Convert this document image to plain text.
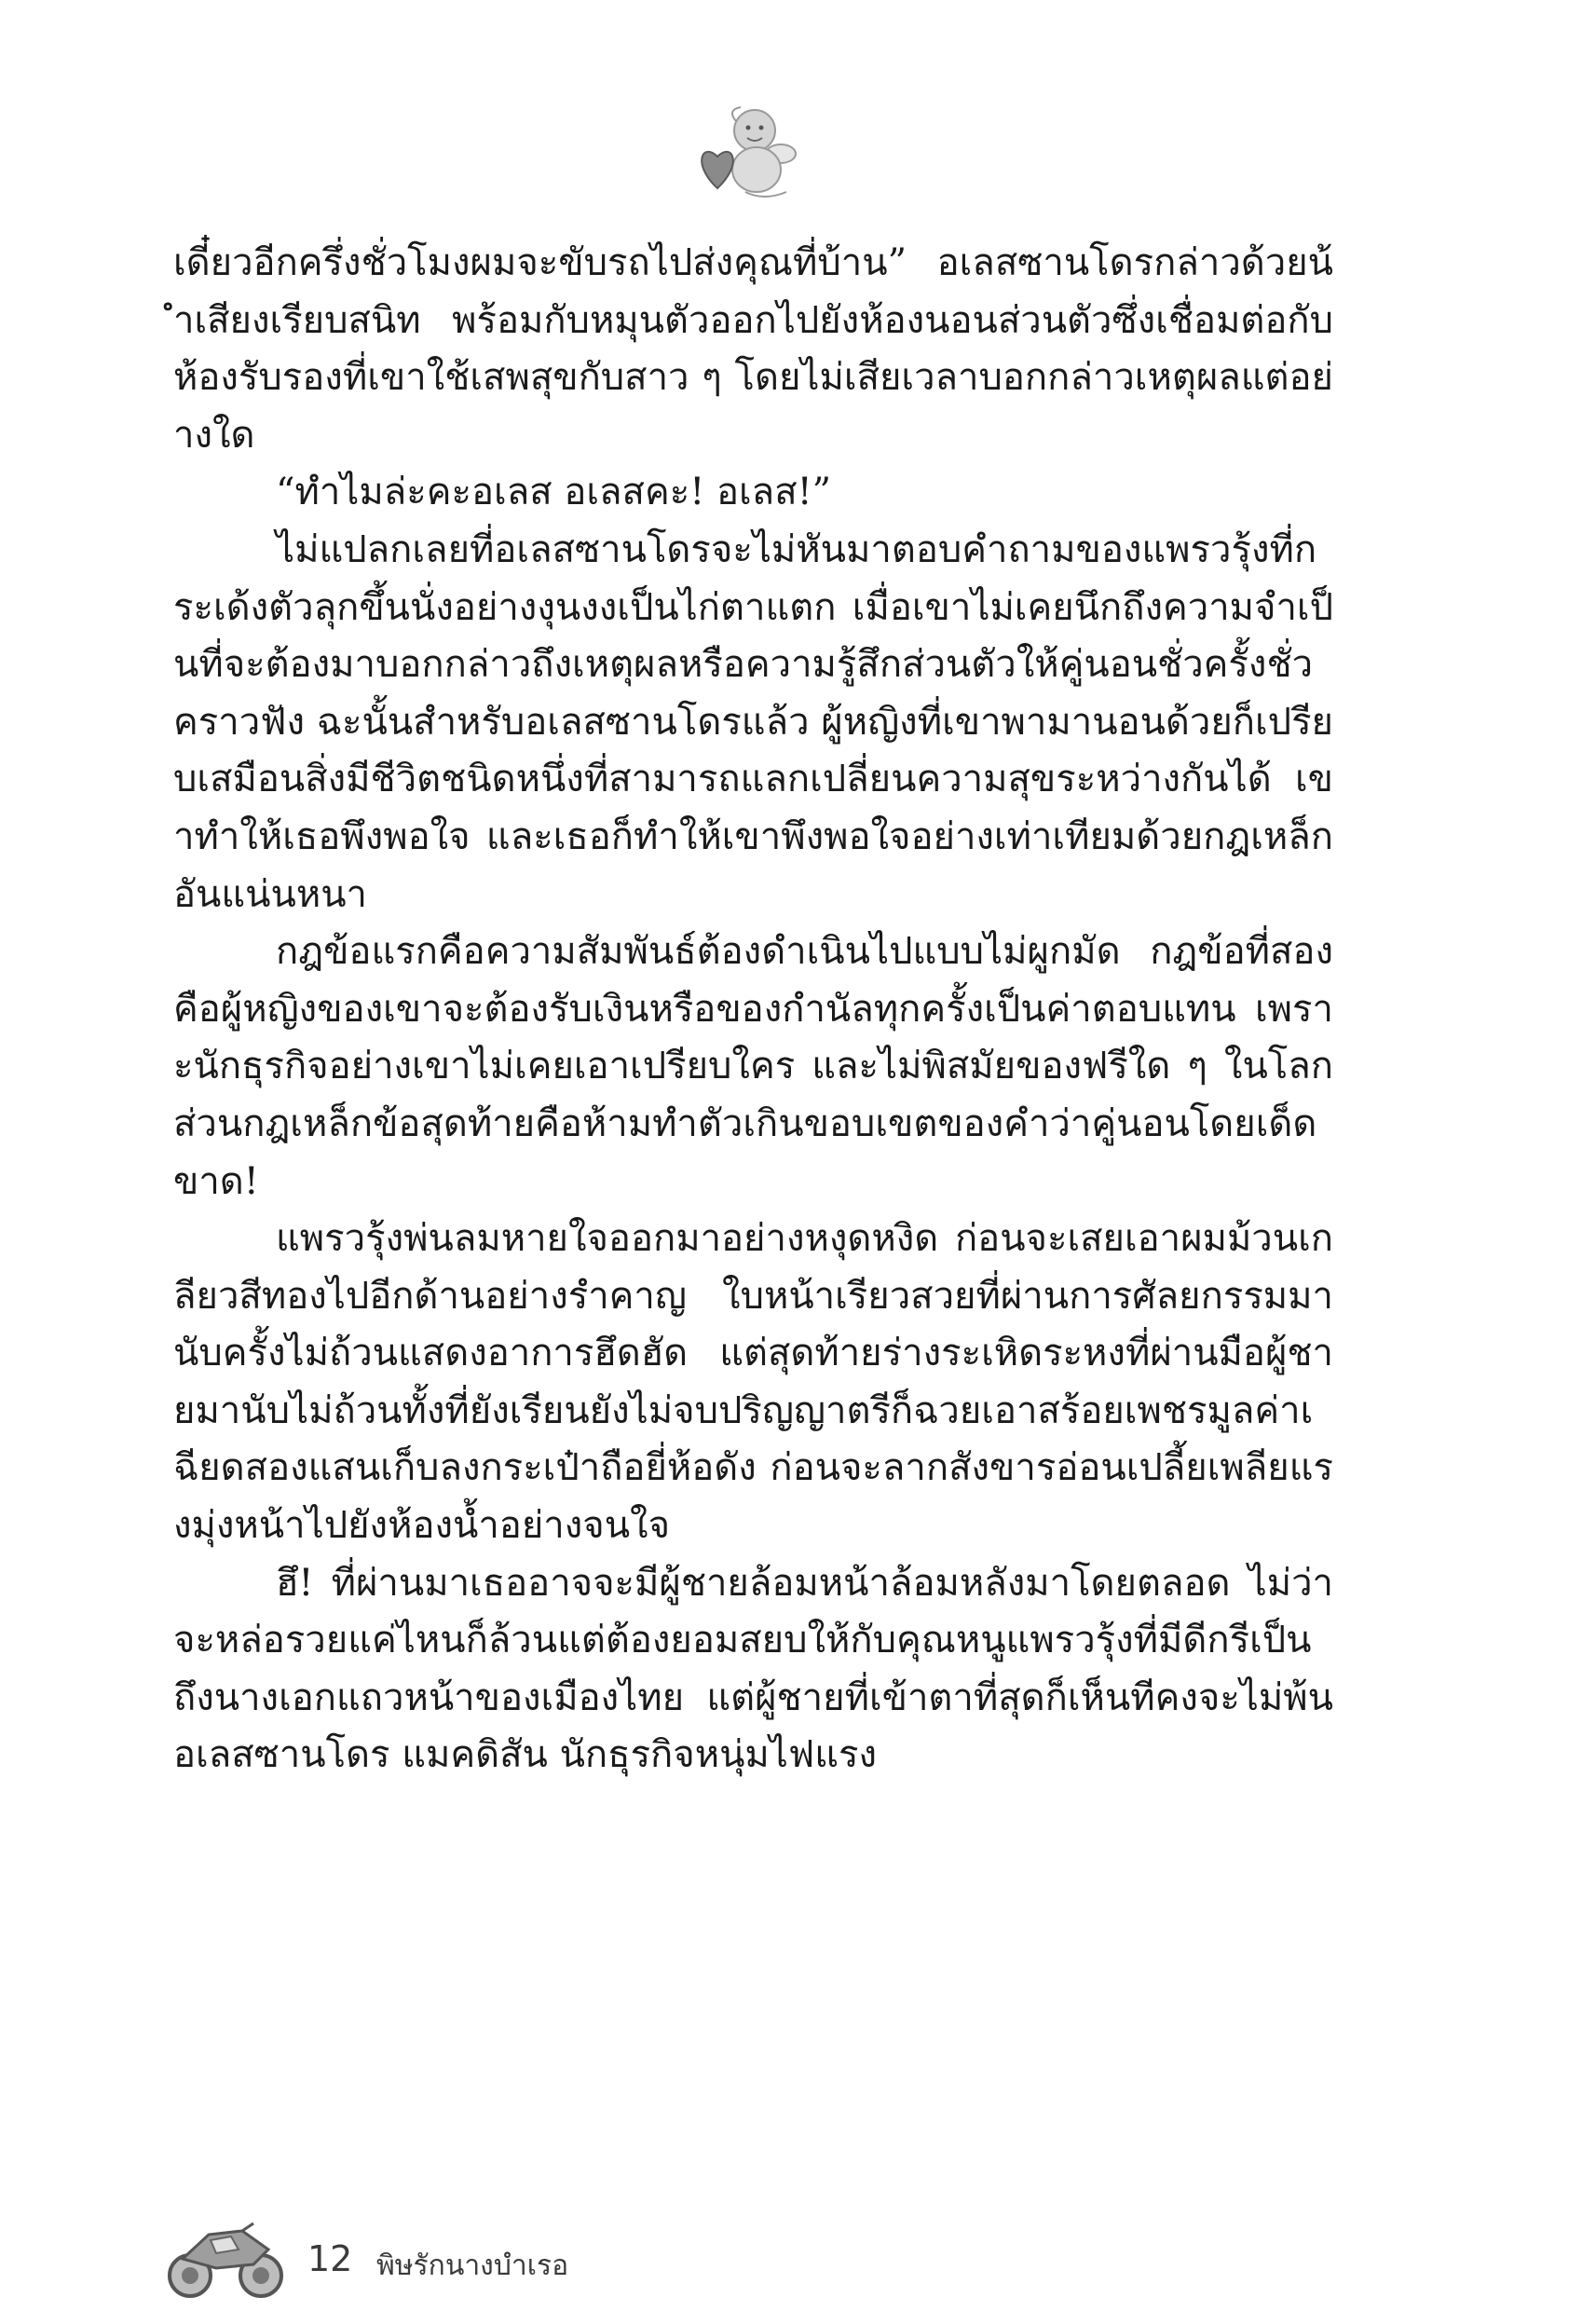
เดี๋ยวอีกครึ่งชั่วโมงผมจะขับรถไปส่งคุณที่บ้าน” อเลสซานโดรกล่าวด้วยน้ำเสียงเรียบสนิท พร้อมกับหมุนตัวออกไปยังห้องนอนส่วนตัวซึ่งเชื่อมต่อกับห้องรับรองที่เขาใช้เสพสุขกับสาว ๆ โดยไม่เสียเวลาบอกกล่าวเหตุผลแต่อย่างใด

“ทำไมล่ะคะอเลส อเลสคะ! อเลส!”

ไม่แปลกเลยที่อเลสซานโดรจะไม่หันมาตอบคำถามของแพรวรุ้งที่กระเด้งตัวลุกขึ้นนั่งอย่างงุนงงเป็นไก่ตาแตก เมื่อเขาไม่เคยนึกถึงความจำเป็นที่จะต้องมาบอกกล่าวถึงเหตุผลหรือความรู้สึกส่วนตัวให้คู่นอนชั่วครั้งชั่วคราวฟัง ฉะนั้นสำหรับอเลสซานโดรแล้ว ผู้หญิงที่เขาพามานอนด้วยก็เปรียบเสมือนสิ่งมีชีวิตชนิดหนึ่งที่สามารถแลกเปลี่ยนความสุขระหว่างกันได้ เขาทำให้เธอพึงพอใจ และเธอก็ทำให้เขาพึงพอใจอย่างเท่าเทียมด้วยกฎเหล็กอันแน่นหนา

กฎข้อแรกคือความสัมพันธ์ต้องดำเนินไปแบบไม่ผูกมัด กฎข้อที่สองคือผู้หญิงของเขาจะต้องรับเงินหรือของกำนัลทุกครั้งเป็นค่าตอบแทน เพราะนักธุรกิจอย่างเขาไม่เคยเอาเปรียบใคร และไม่พิสมัยของฟรีใด ๆ ในโลก ส่วนกฎเหล็กข้อสุดท้ายคือห้ามทำตัวเกินขอบเขตของคำว่าคู่นอนโดยเด็ดขาด!

แพรวรุ้งพ่นลมหายใจออกมาอย่างหงุดหงิด ก่อนจะเสยเอาผมม้วนเกลียวสีทองไปอีกด้านอย่างรำคาญ ใบหน้าเรียวสวยที่ผ่านการศัลยกรรมมานับครั้งไม่ถ้วนแสดงอาการฮึดฮัด แต่สุดท้ายร่างระเหิดระหงที่ผ่านมือผู้ชายมานับไม่ถ้วนทั้งที่ยังเรียนยังไม่จบปริญญาตรีก็ฉวยเอาสร้อยเพชรมูลค่าเฉียดสองแสนเก็บลงกระเป๋าถือยี่ห้อดัง ก่อนจะลากสังขารอ่อนเปลี้ยเพลียแรงมุ่งหน้าไปยังห้องน้ำอย่างจนใจ

ฮึ! ที่ผ่านมาเธออาจจะมีผู้ชายล้อมหน้าล้อมหลังมาโดยตลอด ไม่ว่าจะหล่อรวยแค่ไหนก็ล้วนแต่ต้องยอมสยบให้กับคุณหนูแพรวรุ้งที่มีดีกรีเป็นถึงนางเอกแถวหน้าของเมืองไทย แต่ผู้ชายที่เข้าตาที่สุดก็เห็นทีคงจะไม่พ้น อเลสซานโดร แมคดิสัน นักธุรกิจหนุ่มไฟแรง

12 พิษรักนางบำเรอ
